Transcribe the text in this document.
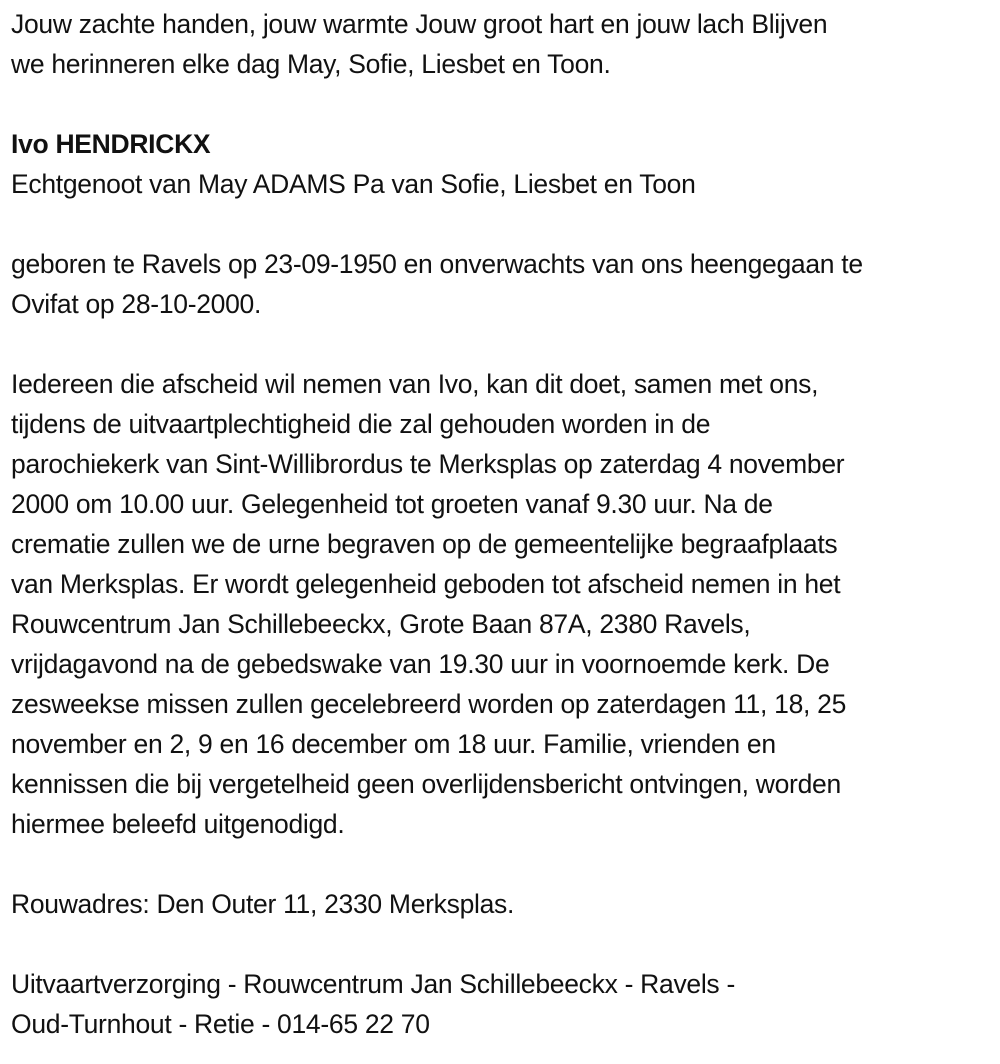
Jouw zachte handen, jouw warmte Jouw groot hart en jouw lach Blijven
we herinneren elke dag May, Sofie, Liesbet en Toon.
Ivo HENDRICKX
Echtgenoot van May ADAMS Pa van Sofie, Liesbet en Toon
geboren te Ravels op 23-09-1950 en onverwachts van ons heengegaan te
Ovifat op 28-10-2000.
Iedereen die afscheid wil nemen van Ivo, kan dit doet, samen met ons,
tijdens de uitvaartplechtigheid die zal gehouden worden in de
parochiekerk van Sint-Willibrordus te Merksplas op zaterdag 4 november
2000 om 10.00 uur. Gelegenheid tot groeten vanaf 9.30 uur. Na de
crematie zullen we de urne begraven op de gemeentelijke begraafplaats
van Merksplas. Er wordt gelegenheid geboden tot afscheid nemen in het
Rouwcentrum Jan Schillebeeckx, Grote Baan 87A, 2380 Ravels,
vrijdagavond na de gebedswake van 19.30 uur in voornoemde kerk. De
zesweekse missen zullen gecelebreerd worden op zaterdagen 11, 18, 25
november en 2, 9 en 16 december om 18 uur. Familie, vrienden en
kennissen die bij vergetelheid geen overlijdensbericht ontvingen, worden
hiermee beleefd uitgenodigd.
Rouwadres: Den Outer 11, 2330 Merksplas.
Uitvaartverzorging - Rouwcentrum Jan Schillebeeckx - Ravels -
Oud-Turnhout - Retie - 014-65 22 70
